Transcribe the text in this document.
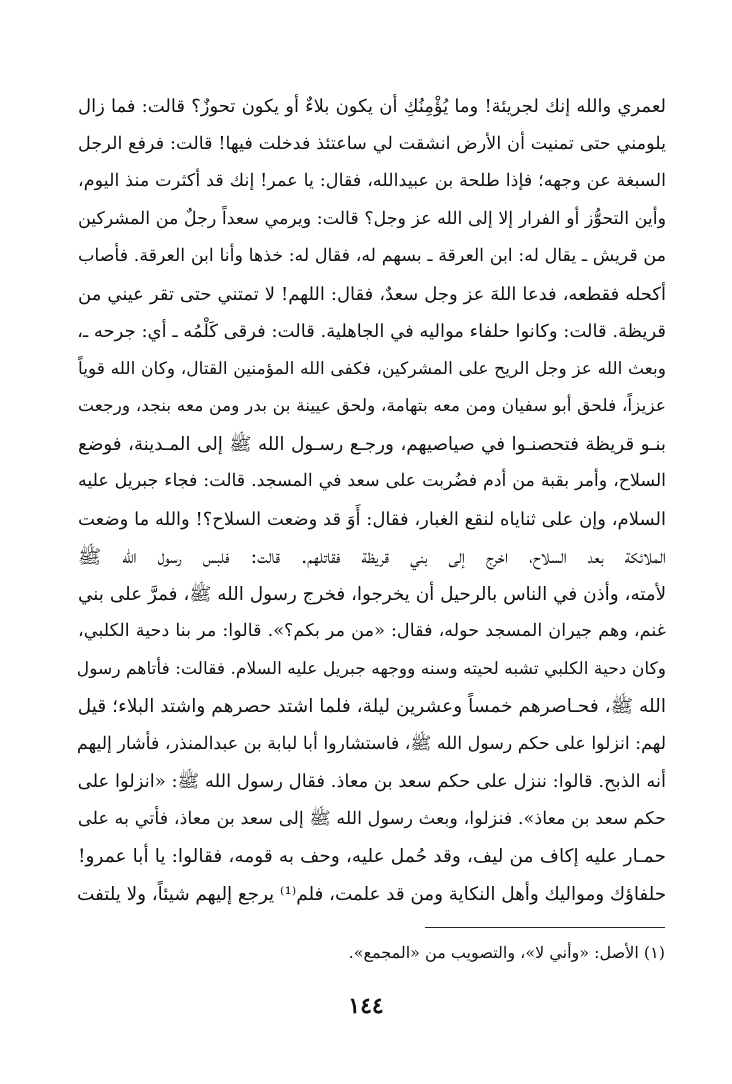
لعمري والله إنك لجريئة! وما يُؤْمِنُكِ أن يكون بلاءٌ أو يكون تحوزٌ؟ قالت: فما زال
يلومني حتى تمنيت أن الأرض انشقت لي ساعتئذ فدخلت فيها! قالت: فرفع الرجل
السبغة عن وجهه؛ فإذا طلحة بن عبيدالله، فقال: يا عمر! إنك قد أكثرت منذ اليوم،
وأين التحوُّز أو الفرار إلا إلى الله عز وجل؟ قالت: ويرمي سعداً رجلٌ من المشركين
من قريش ـ يقال له: ابن العرقة ـ بسهم له، فقال له: خذها وأنا ابن العرقة. فأصاب
أكحله فقطعه، فدعا اللهَ عز وجل سعدٌ، فقال: اللهم! لا تمتني حتى تقر عيني من
قريظة. قالت: وكانوا حلفاء مواليه في الجاهلية. قالت: فرقى كَلْمُه ـ أي: جرحه ـ،
وبعث الله عز وجل الريح على المشركين، فكفى الله المؤمنين القتال، وكان الله قوياً
عزيزاً، فلحق أبو سفيان ومن معه بتهامة، ولحق عيينة بن بدر ومن معه بنجد، ورجعت
بنـو قريظة فتحصنـوا في صياصيهم، ورجـع رسـول الله ﷺ إلى المـدينة، فوضع
السلاح، وأمر بقبة من أدم فضُربت على سعد في المسجد. قالت: فجاء جبريل عليه
السلام، وإن على ثناياه لنقع الغبار، فقال: أَوَ قد وضعت السلاح؟! والله ما وضعت
الملائكة بعد السلاح، اخرج إلى بني قريظة فقاتلهم. قالت: فلبس رسول الله ﷺ
لأمته، وأذن في الناس بالرحيل أن يخرجوا، فخرج رسول الله ﷺ، فمرَّ على بني
غنم، وهم جيران المسجد حوله، فقال: «من مر بكم؟». قالوا: مر بنا دحية الكلبي،
وكان دحية الكلبي تشبه لحيته وسنه ووجهه جبريل عليه السلام. فقالت: فأتاهم رسول
الله ﷺ، فحـاصرهم خمساً وعشرين ليلة، فلما اشتد حصرهم واشتد البلاء؛ قيل
لهم: انزلوا على حكم رسول الله ﷺ، فاستشاروا أبا لبابة بن عبدالمنذر، فأشار إليهم
أنه الذبح. قالوا: ننزل على حكم سعد بن معاذ. فقال رسول الله ﷺ: «انزلوا على
حكم سعد بن معاذ». فنزلوا، وبعث رسول الله ﷺ إلى سعد بن معاذ، فأتي به على
حمـار عليه إكاف من ليف، وقد حُمل عليه، وحف به قومه، فقالوا: يا أبا عمرو!
حلفاؤك ومواليك وأهل النكاية ومن قد علمت، فلم⁽¹⁾ يرجع إليهم شيئاً، ولا يلتفت
(١) الأصل: «وأني لا»، والتصويب من «المجمع».
١٤٤
